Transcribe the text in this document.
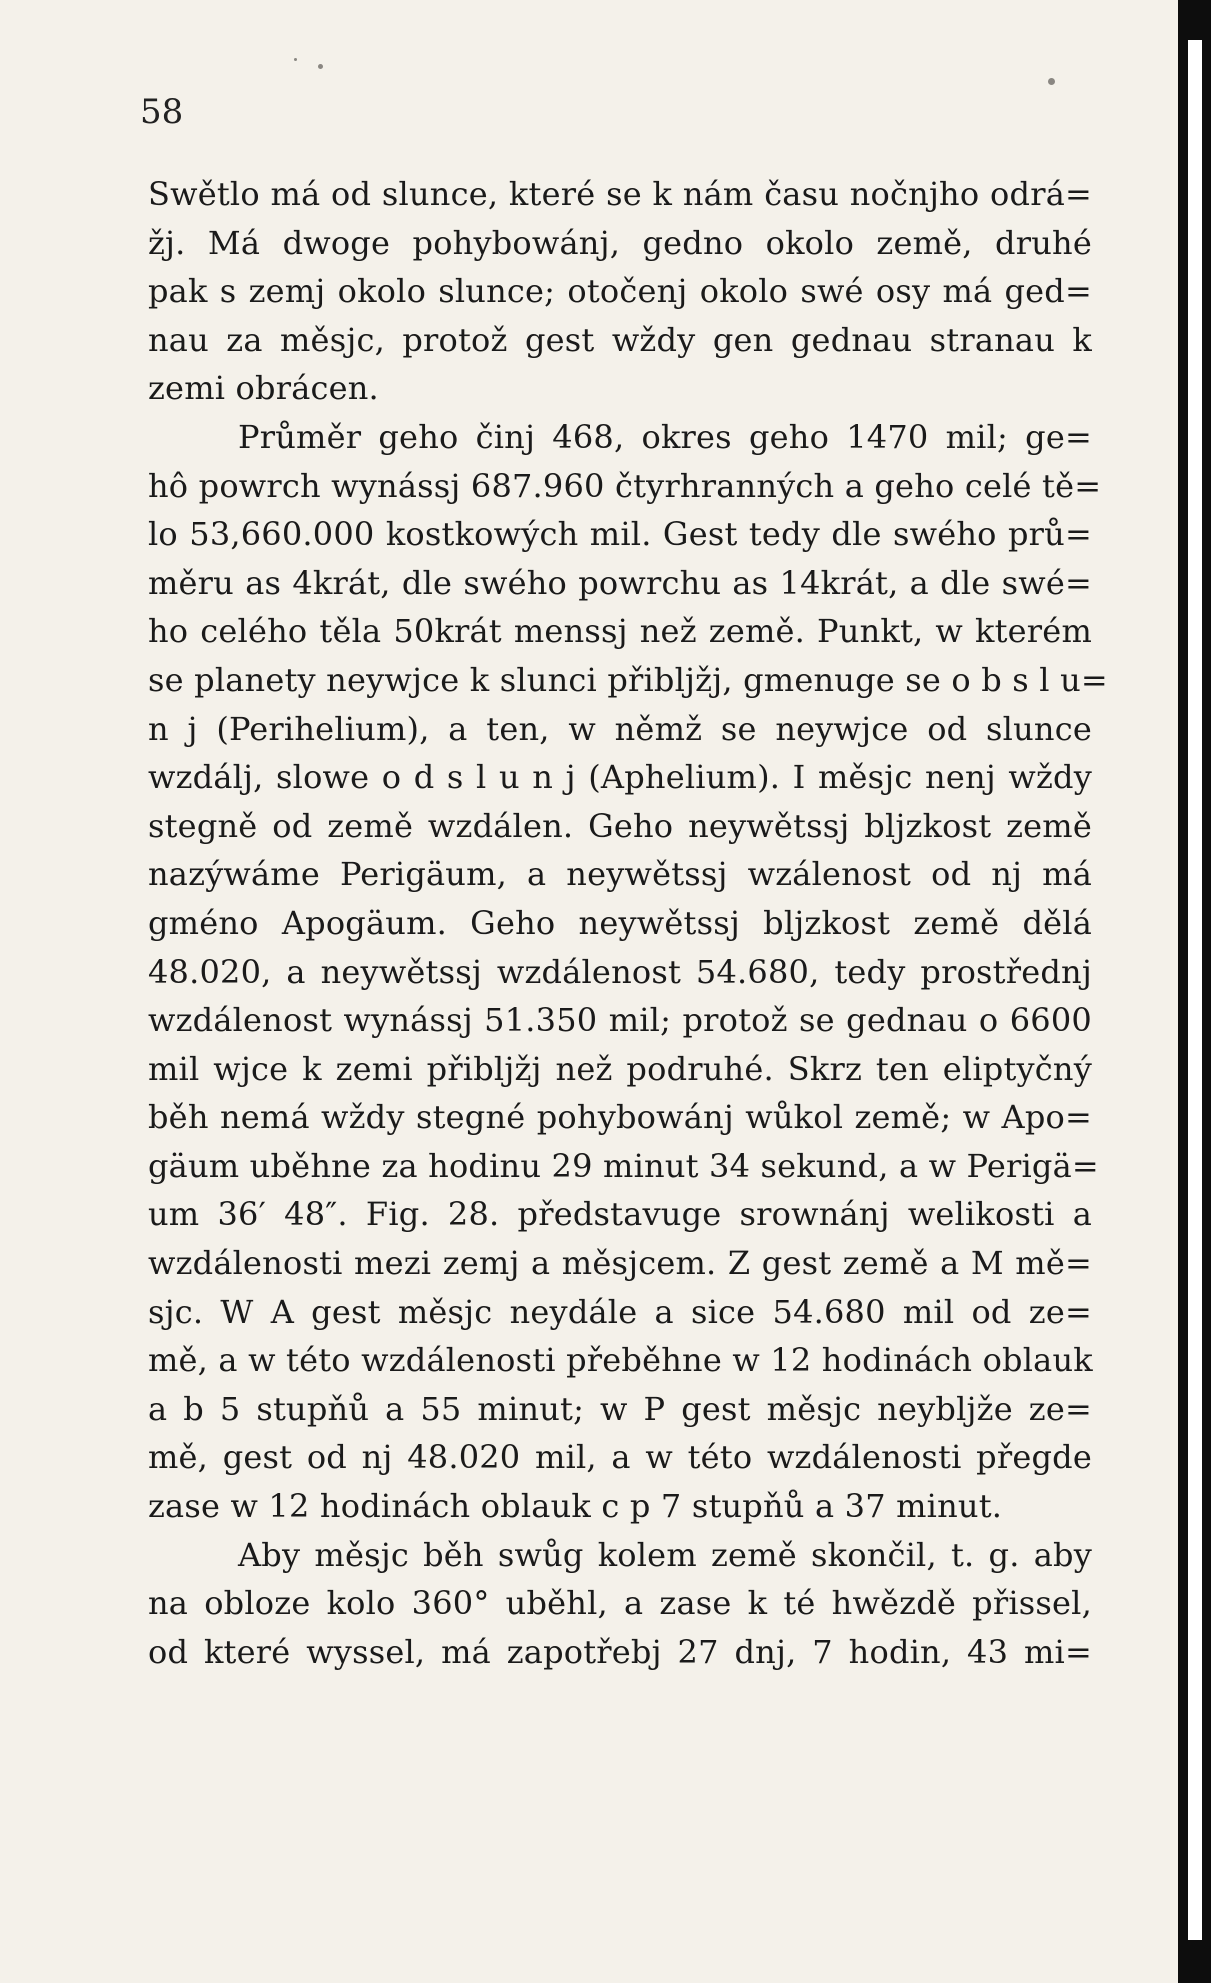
58
Swětlo má od slunce, které se k nám času nočnjho odrá=
žj. Má dwoge pohybowánj, gedno okolo země, druhé
pak s zemj okolo slunce; otočenj okolo swé osy má ged=
nau za měsjc, protož gest wždy gen gednau stranau k
zemi obrácen.
Průměr geho činj 468, okres geho 1470 mil; ge=
hô powrch wynássj 687.960 čtyrhranných a geho celé tě=
lo 53,660.000 kostkowých mil. Gest tedy dle swého prů=
měru as 4krát, dle swého powrchu as 14krát, a dle swé=
ho celého těla 50krát menssj než země. Punkt, w kterém
se planety neywjce k slunci přibljžj, gmenuge se o b s l u=
n j (Perihelium), a ten, w němž se neywjce od slunce
wzdálj, slowe o d s l u n j (Aphelium). I měsjc nenj wždy
stegně od země wzdálen. Geho neywětssj bljzkost země
nazýwáme Perigäum, a neywětssj wzálenost od nj má
gméno Apogäum. Geho neywětssj bljzkost země dělá
48.020, a neywětssj wzdálenost 54.680, tedy prostřednj
wzdálenost wynássj 51.350 mil; protož se gednau o 6600
mil wjce k zemi přibljžj než podruhé. Skrz ten eliptyčný
běh nemá wždy stegné pohybowánj wůkol země; w Apo=
gäum uběhne za hodinu 29 minut 34 sekund, a w Perigä=
um 36′ 48″. Fig. 28. představuge srownánj welikosti a
wzdálenosti mezi zemj a měsjcem. Z gest země a M mě=
sjc. W A gest měsjc neydále a sice 54.680 mil od ze=
mě, a w této wzdálenosti přeběhne w 12 hodinách oblauk
a b 5 stupňů a 55 minut; w P gest měsjc neybljže ze=
mě, gest od nj 48.020 mil, a w této wzdálenosti přegde
zase w 12 hodinách oblauk c p 7 stupňů a 37 minut.
Aby měsjc běh swůg kolem země skončil, t. g. aby
na obloze kolo 360° uběhl, a zase k té hwězdě přissel,
od které wyssel, má zapotřebj 27 dnj, 7 hodin, 43 mi=
